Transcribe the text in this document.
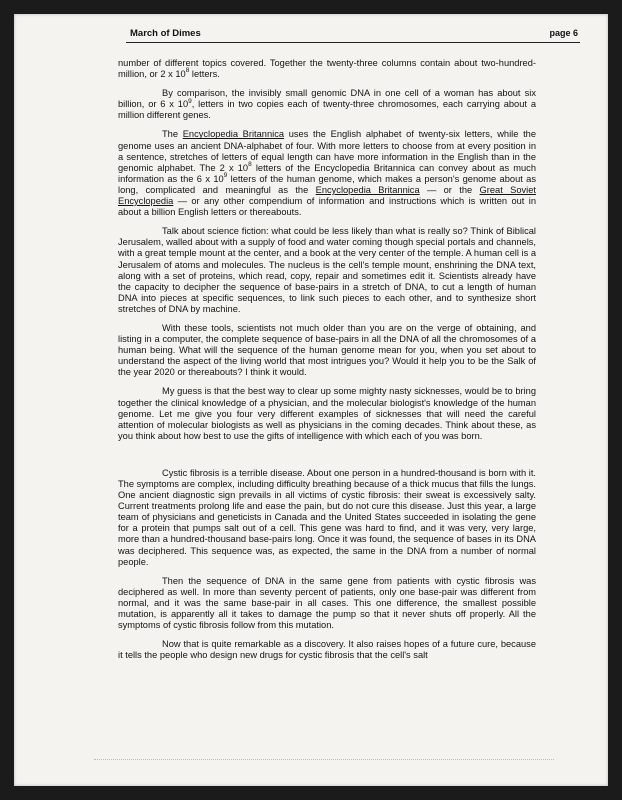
March of Dimes	page 6

number of different topics covered. Together the twenty-three columns contain about two-hundred-million, or 2 x $10^8$ letters.

By comparison, the invisibly small genomic DNA in one cell of a woman has about six billion, or 6 x $10^9$, letters in two copies each of twenty-three chromosomes, each carrying about a million different genes.

The Encyclopedia Britannica uses the English alphabet of twenty-six letters, while the genome uses an ancient DNA-alphabet of four. With more letters to choose from at every position in a sentence, stretches of letters of equal length can have more information in the English than in the genomic alphabet. The 2 x $10^8$ letters of the Encyclopedia Britannica can convey about as much information as the 6 x $10^9$ letters of the human genome, which makes a person's genome about as long, complicated and meaningful as the Encyclopedia Britannica — or the Great Soviet Encyclopedia — or any other compendium of information and instructions which is written out in about a billion English letters or thereabouts.

Talk about science fiction: what could be less likely than what is really so? Think of Biblical Jerusalem, walled about with a supply of food and water coming though special portals and channels, with a great temple mount at the center, and a book at the very center of the temple. A human cell is a Jerusalem of atoms and molecules. The nucleus is the cell's temple mount, enshrining the DNA text, along with a set of proteins, which read, copy, repair and sometimes edit it. Scientists already have the capacity to decipher the sequence of base-pairs in a stretch of DNA, to cut a length of human DNA into pieces at specific sequences, to link such pieces to each other, and to synthesize short stretches of DNA by machine.

With these tools, scientists not much older than you are on the verge of obtaining, and listing in a computer, the complete sequence of base-pairs in all the DNA of all the chromosomes of a human being. What will the sequence of the human genome mean for you, when you set about to understand the aspect of the living world that most intrigues you? Would it help you to be the Salk of the year 2020 or thereabouts? I think it would.

My guess is that the best way to clear up some mighty nasty sicknesses, would be to bring together the clinical knowledge of a physician, and the molecular biologist's knowledge of the human genome. Let me give you four very different examples of sicknesses that will need the careful attention of molecular biologists as well as physicians in the coming decades. Think about these, as you think about how best to use the gifts of intelligence with which each of you was born.

Cystic fibrosis is a terrible disease. About one person in a hundred-thousand is born with it. The symptoms are complex, including difficulty breathing because of a thick mucus that fills the lungs. One ancient diagnostic sign prevails in all victims of cystic fibrosis: their sweat is excessively salty. Current treatments prolong life and ease the pain, but do not cure this disease. Just this year, a large team of physicians and geneticists in Canada and the United States succeeded in isolating the gene for a protein that pumps salt out of a cell. This gene was hard to find, and it was very, very large, more than a hundred-thousand base-pairs long. Once it was found, the sequence of bases in its DNA was deciphered. This sequence was, as expected, the same in the DNA from a number of normal people.

Then the sequence of DNA in the same gene from patients with cystic fibrosis was deciphered as well. In more than seventy percent of patients, only one base-pair was different from normal, and it was the same base-pair in all cases. This one difference, the smallest possible mutation, is apparently all it takes to damage the pump so that it never shuts off properly. All the symptoms of cystic fibrosis follow from this mutation.

Now that is quite remarkable as a discovery. It also raises hopes of a future cure, because it tells the people who design new drugs for cystic fibrosis that the cell's salt
